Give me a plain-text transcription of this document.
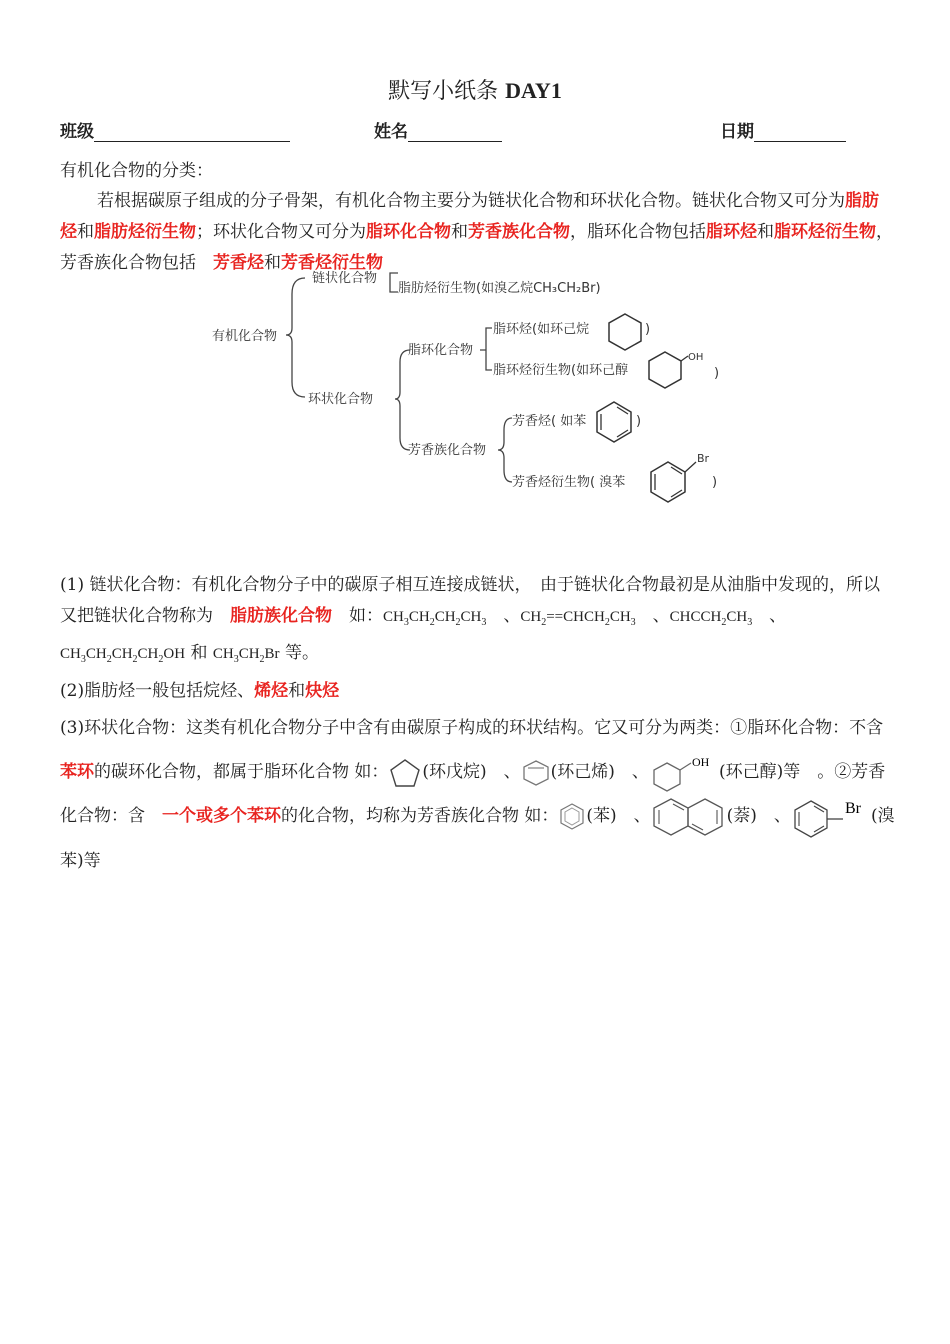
默写小纸条 DAY1
班级	姓名	日期
有机化合物的分类：
若根据碳原子组成的分子骨架，有机化合物主要分为链状化合物和环状化合物。链状化合物又可分为脂肪烃和脂肪烃衍生物；环状化合物又可分为脂环化合物和芳香族化合物，脂环化合物包括脂环烃和脂环烃衍生物，芳香族化合物包括　芳香烃和芳香烃衍生物
有机化合物
链状化合物
脂肪烃衍生物(如溴乙烷CH₃CH₂Br)
环状化合物
脂环化合物
脂环烃(如环己烷
脂环烃衍生物(如环己醇
芳香族化合物
芳香烃( 如苯
芳香烃衍生物( 溴苯
)
OH
)
)
Br
)
(1) 链状化合物：有机化合物分子中的碳原子相互连接成链状，　由于链状化合物最初是从油脂中发现的，所以又把链状化合物称为　脂肪族化合物　如：$CH_3CH_2CH_2CH_3$　、$CH_2==CHCH_2CH_3$　、$CHCCH_2CH_3$　、　$CH_3CH_2CH_2CH_2OH$ 和 $CH_3CH_2Br$ 等。
(2)脂肪烃一般包括烷烃、烯烃和炔烃
(3)环状化合物：这类有机化合物分子中含有由碳原子构成的环状结构。它又可分为两类：①脂环化合物：不含苯环的碳环化合物，都属于脂环化合物 如： (环戊烷)　、 (环己烯)　、
OH
(环己醇)等　。②芳香化合物：含　一个或多个苯环的化合物，均称为芳香族化合物 如： (苯)　、	(萘)　、	Br (溴苯)等
